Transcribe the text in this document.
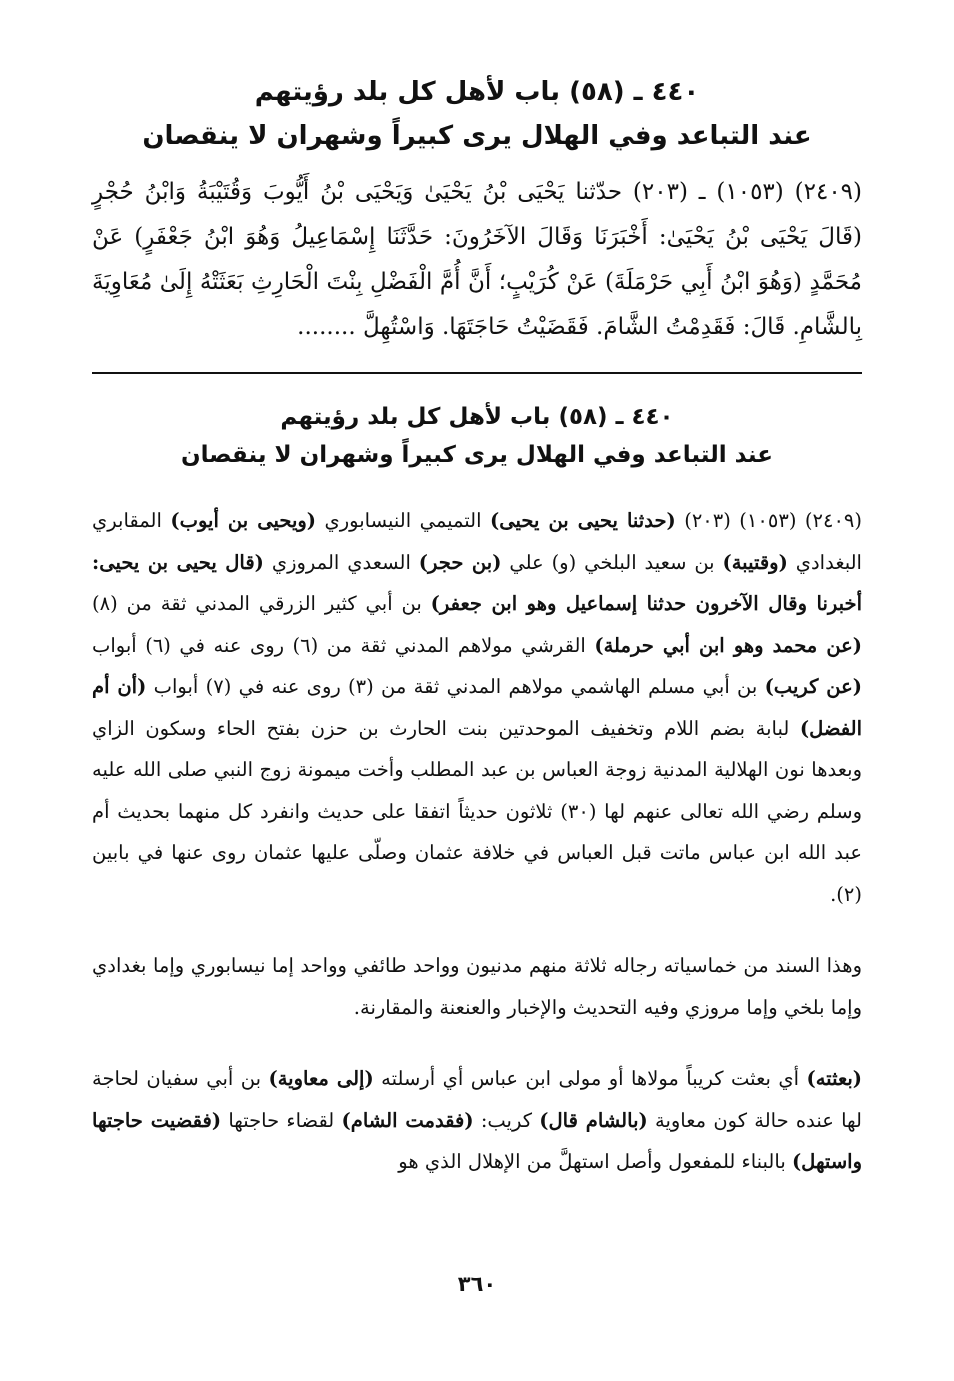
٤٤٠ ـ (٥٨) باب لأهل كل بلد رؤيتهم

عند التباعد وفي الهلال يرى كبيراً وشهران لا ينقصان

(٢٤٠٩) (١٠٥٣) ـ (٢٠٣) حدّثنا يَحْيَى بْنُ يَحْيَىٰ وَيَحْيَى بْنُ أَيُّوبَ وَقُتَيْبَةُ وَابْنُ حُجْرٍ (قَالَ يَحْيَى بْنُ يَحْيَىٰ: أَخْبَرَنَا وَقَالَ الآخَرُونَ: حَدَّثَنَا إِسْمَاعِيلُ وَهُوَ ابْنُ جَعْفَرٍ) عَنْ مُحَمَّدٍ (وَهُوَ ابْنُ أَبِي حَرْمَلَةَ) عَنْ كُرَيْبٍ؛ أَنَّ أُمَّ الْفَضْلِ بِنْتَ الْحَارِثِ بَعَثَتْهُ إِلَىٰ مُعَاوِيَةَ بِالشَّامِ. قَالَ: فَقَدِمْتُ الشَّامَ. فَقَضَيْتُ حَاجَتَهَا. وَاسْتُهِلَّ ........

٤٤٠ ـ (٥٨) باب لأهل كل بلد رؤيتهم

عند التباعد وفي الهلال يرى كبيراً وشهران لا ينقصان

(٢٤٠٩) (١٠٥٣) (٢٠٣) (حدثنا يحيى بن يحيى) التميمي النيسابوري (ويحيى بن أيوب) المقابري البغدادي (وقتيبة) بن سعيد البلخي (و) علي (بن حجر) السعدي المروزي (قال يحيى بن يحيى: أخبرنا وقال الآخرون حدثنا إسماعيل وهو ابن جعفر) بن أبي كثير الزرقي المدني ثقة من (٨) (عن محمد وهو ابن أبي حرملة) القرشي مولاهم المدني ثقة من (٦) روى عنه في (٦) أبواب (عن كريب) بن أبي مسلم الهاشمي مولاهم المدني ثقة من (٣) روى عنه في (٧) أبواب (أن أم الفضل) لبابة بضم اللام وتخفيف الموحدتين بنت الحارث بن حزن بفتح الحاء وسكون الزاي وبعدها نون الهلالية المدنية زوجة العباس بن عبد المطلب وأخت ميمونة زوج النبي صلى الله عليه وسلم رضي الله تعالى عنهم لها (٣٠) ثلاثون حديثاً اتفقا على حديث وانفرد كل منهما بحديث أم عبد الله ابن عباس ماتت قبل العباس في خلافة عثمان وصلّى عليها عثمان روى عنها في بابين (٢).

وهذا السند من خماسياته رجاله ثلاثة منهم مدنيون وواحد طائفي وواحد إما نيسابوري وإما بغدادي وإما بلخي وإما مروزي وفيه التحديث والإخبار والعنعنة والمقارنة.

(بعثته) أي بعثت كريباً مولاها أو مولى ابن عباس أي أرسلته (إلى معاوية) بن أبي سفيان لحاجة لها عنده حالة كون معاوية (بالشام قال) كريب: (فقدمت الشام) لقضاء حاجتها (فقضيت حاجتها واستهل) بالبناء للمفعول وأصل استهلَّ من الإهلال الذي هو

٣٦٠
